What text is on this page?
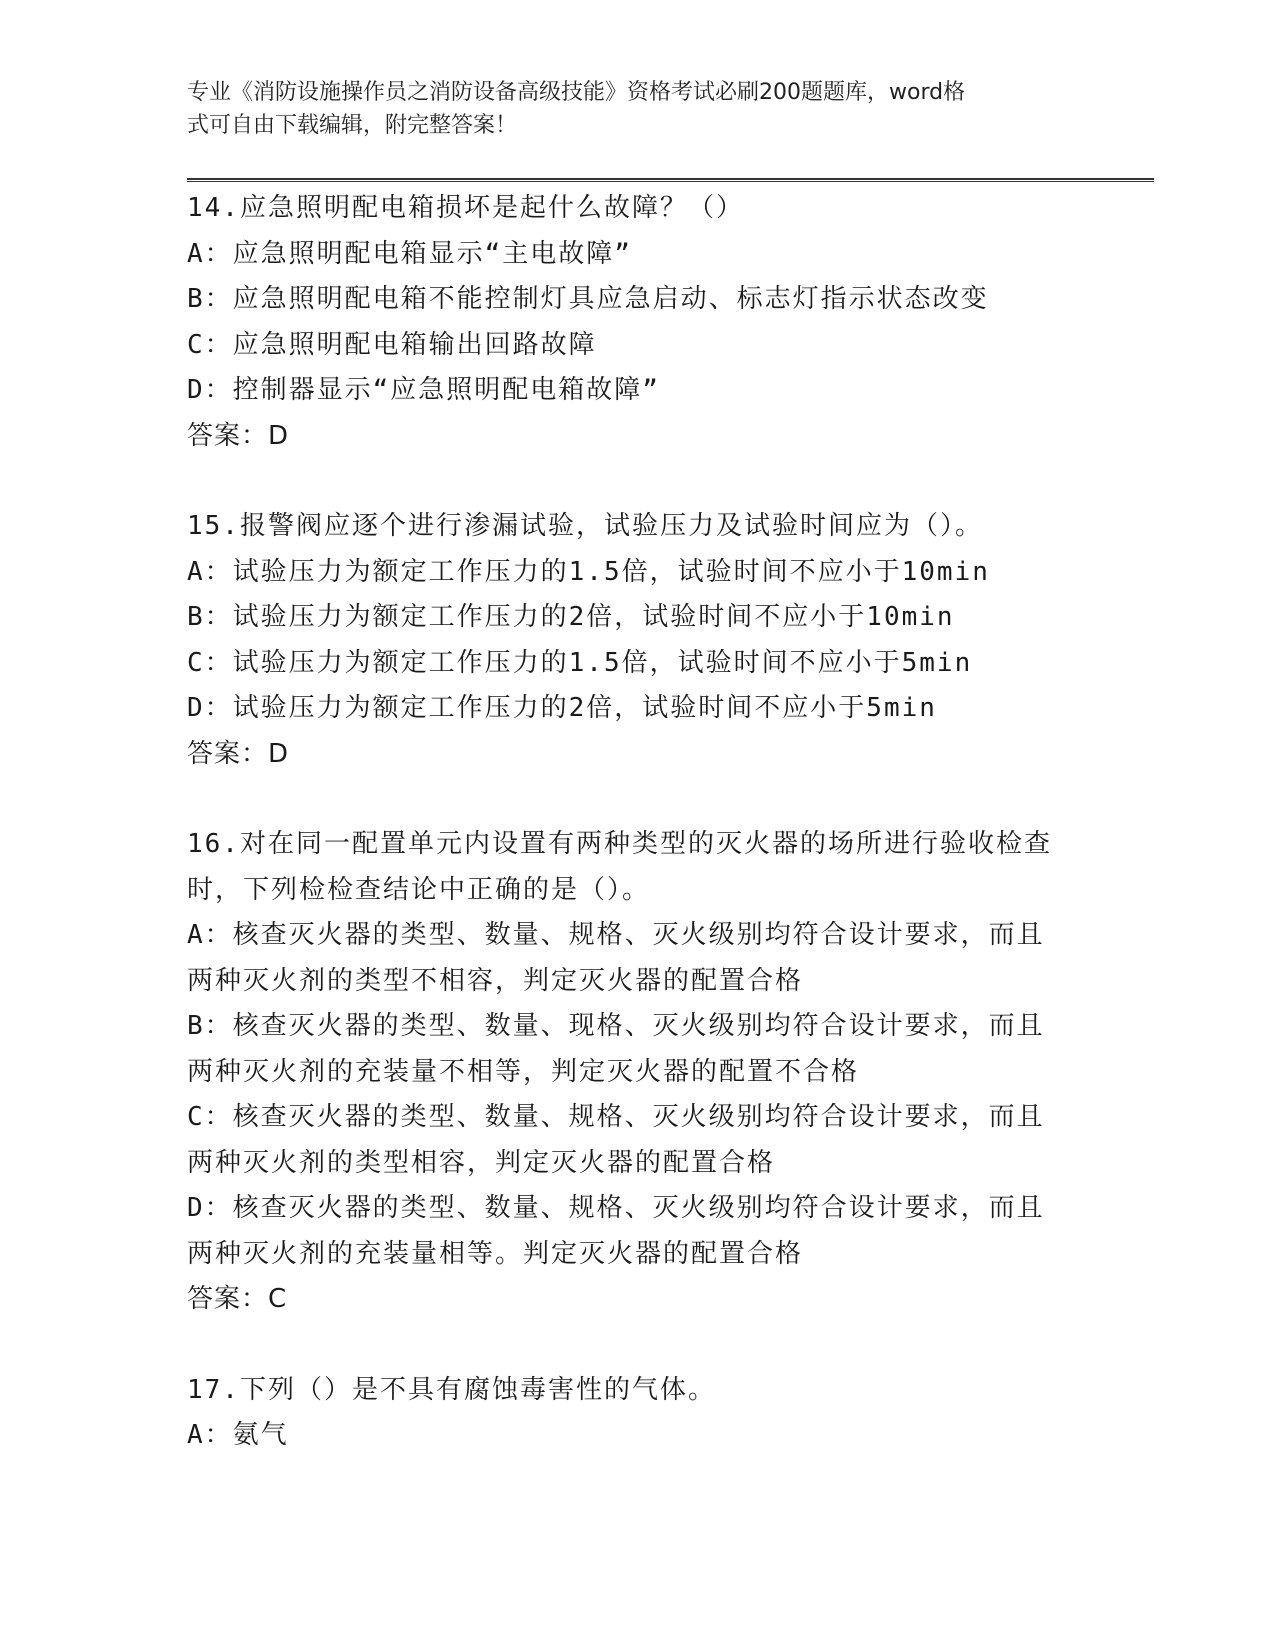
专业《消防设施操作员之消防设备高级技能》资格考试必刷200题题库，word格
式可自由下载编辑，附完整答案！
14.应急照明配电箱损坏是起什么故障？（）
A：应急照明配电箱显示“主电故障”
B：应急照明配电箱不能控制灯具应急启动、标志灯指示状态改变
C：应急照明配电箱输出回路故障
D：控制器显示“应急照明配电箱故障”
答案：D
15.报警阀应逐个进行渗漏试验，试验压力及试验时间应为（）。
A：试验压力为额定工作压力的1.5倍，试验时间不应小于10min
B：试验压力为额定工作压力的2倍，试验时间不应小于10min
C：试验压力为额定工作压力的1.5倍，试验时间不应小于5min
D：试验压力为额定工作压力的2倍，试验时间不应小于5min
答案：D
16.对在同一配置单元内设置有两种类型的灭火器的场所进行验收检查
时，下列检检查结论中正确的是（）。
A：核查灭火器的类型、数量、规格、灭火级别均符合设计要求，而且
两种灭火剂的类型不相容，判定灭火器的配置合格
B：核查灭火器的类型、数量、现格、灭火级别均符合设计要求，而且
两种灭火剂的充装量不相等，判定灭火器的配置不合格
C：核查灭火器的类型、数量、规格、灭火级别均符合设计要求，而且
两种灭火剂的类型相容，判定灭火器的配置合格
D：核查灭火器的类型、数量、规格、灭火级别均符合设计要求，而且
两种灭火剂的充装量相等。判定灭火器的配置合格
答案：C
17.下列（）是不具有腐蚀毒害性的气体。
A：氨气
